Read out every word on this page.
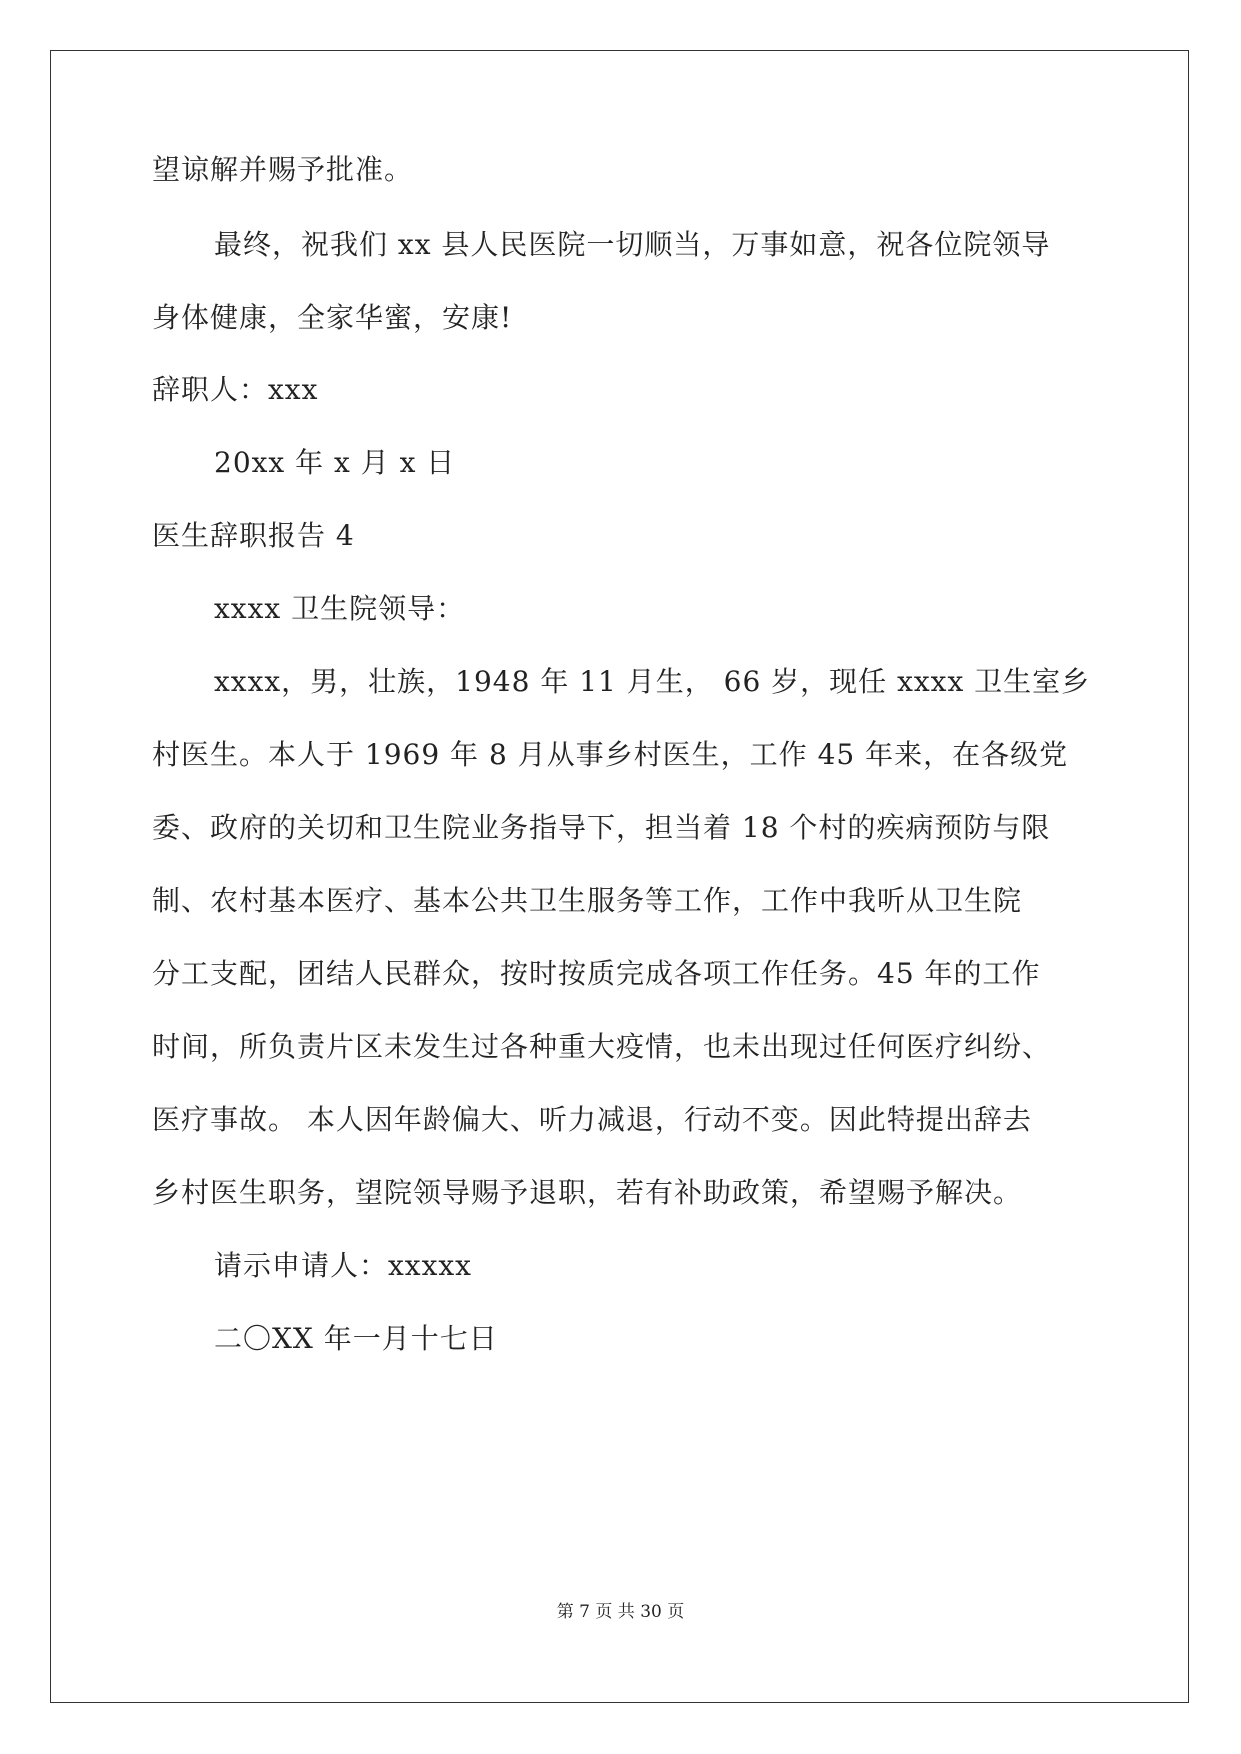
望谅解并赐予批准。
最终，祝我们 xx 县人民医院一切顺当，万事如意，祝各位院领导
身体健康，全家华蜜，安康!
辞职人：xxx
20xx 年 x 月 x 日
医生辞职报告 4
xxxx 卫生院领导：
xxxx，男，壮族，1948 年 11 月生， 66 岁，现任 xxxx 卫生室乡
村医生。本人于 1969 年 8 月从事乡村医生，工作 45 年来，在各级党
委、政府的关切和卫生院业务指导下，担当着 18 个村的疾病预防与限
制、农村基本医疗、基本公共卫生服务等工作，工作中我听从卫生院
分工支配，团结人民群众，按时按质完成各项工作任务。45 年的工作
时间，所负责片区未发生过各种重大疫情，也未出现过任何医疗纠纷、
医疗事故。 本人因年龄偏大、听力减退，行动不变。因此特提出辞去
乡村医生职务，望院领导赐予退职，若有补助政策，希望赐予解决。
请示申请人：xxxxx
二〇XX 年一月十七日
第 7 页 共 30 页
